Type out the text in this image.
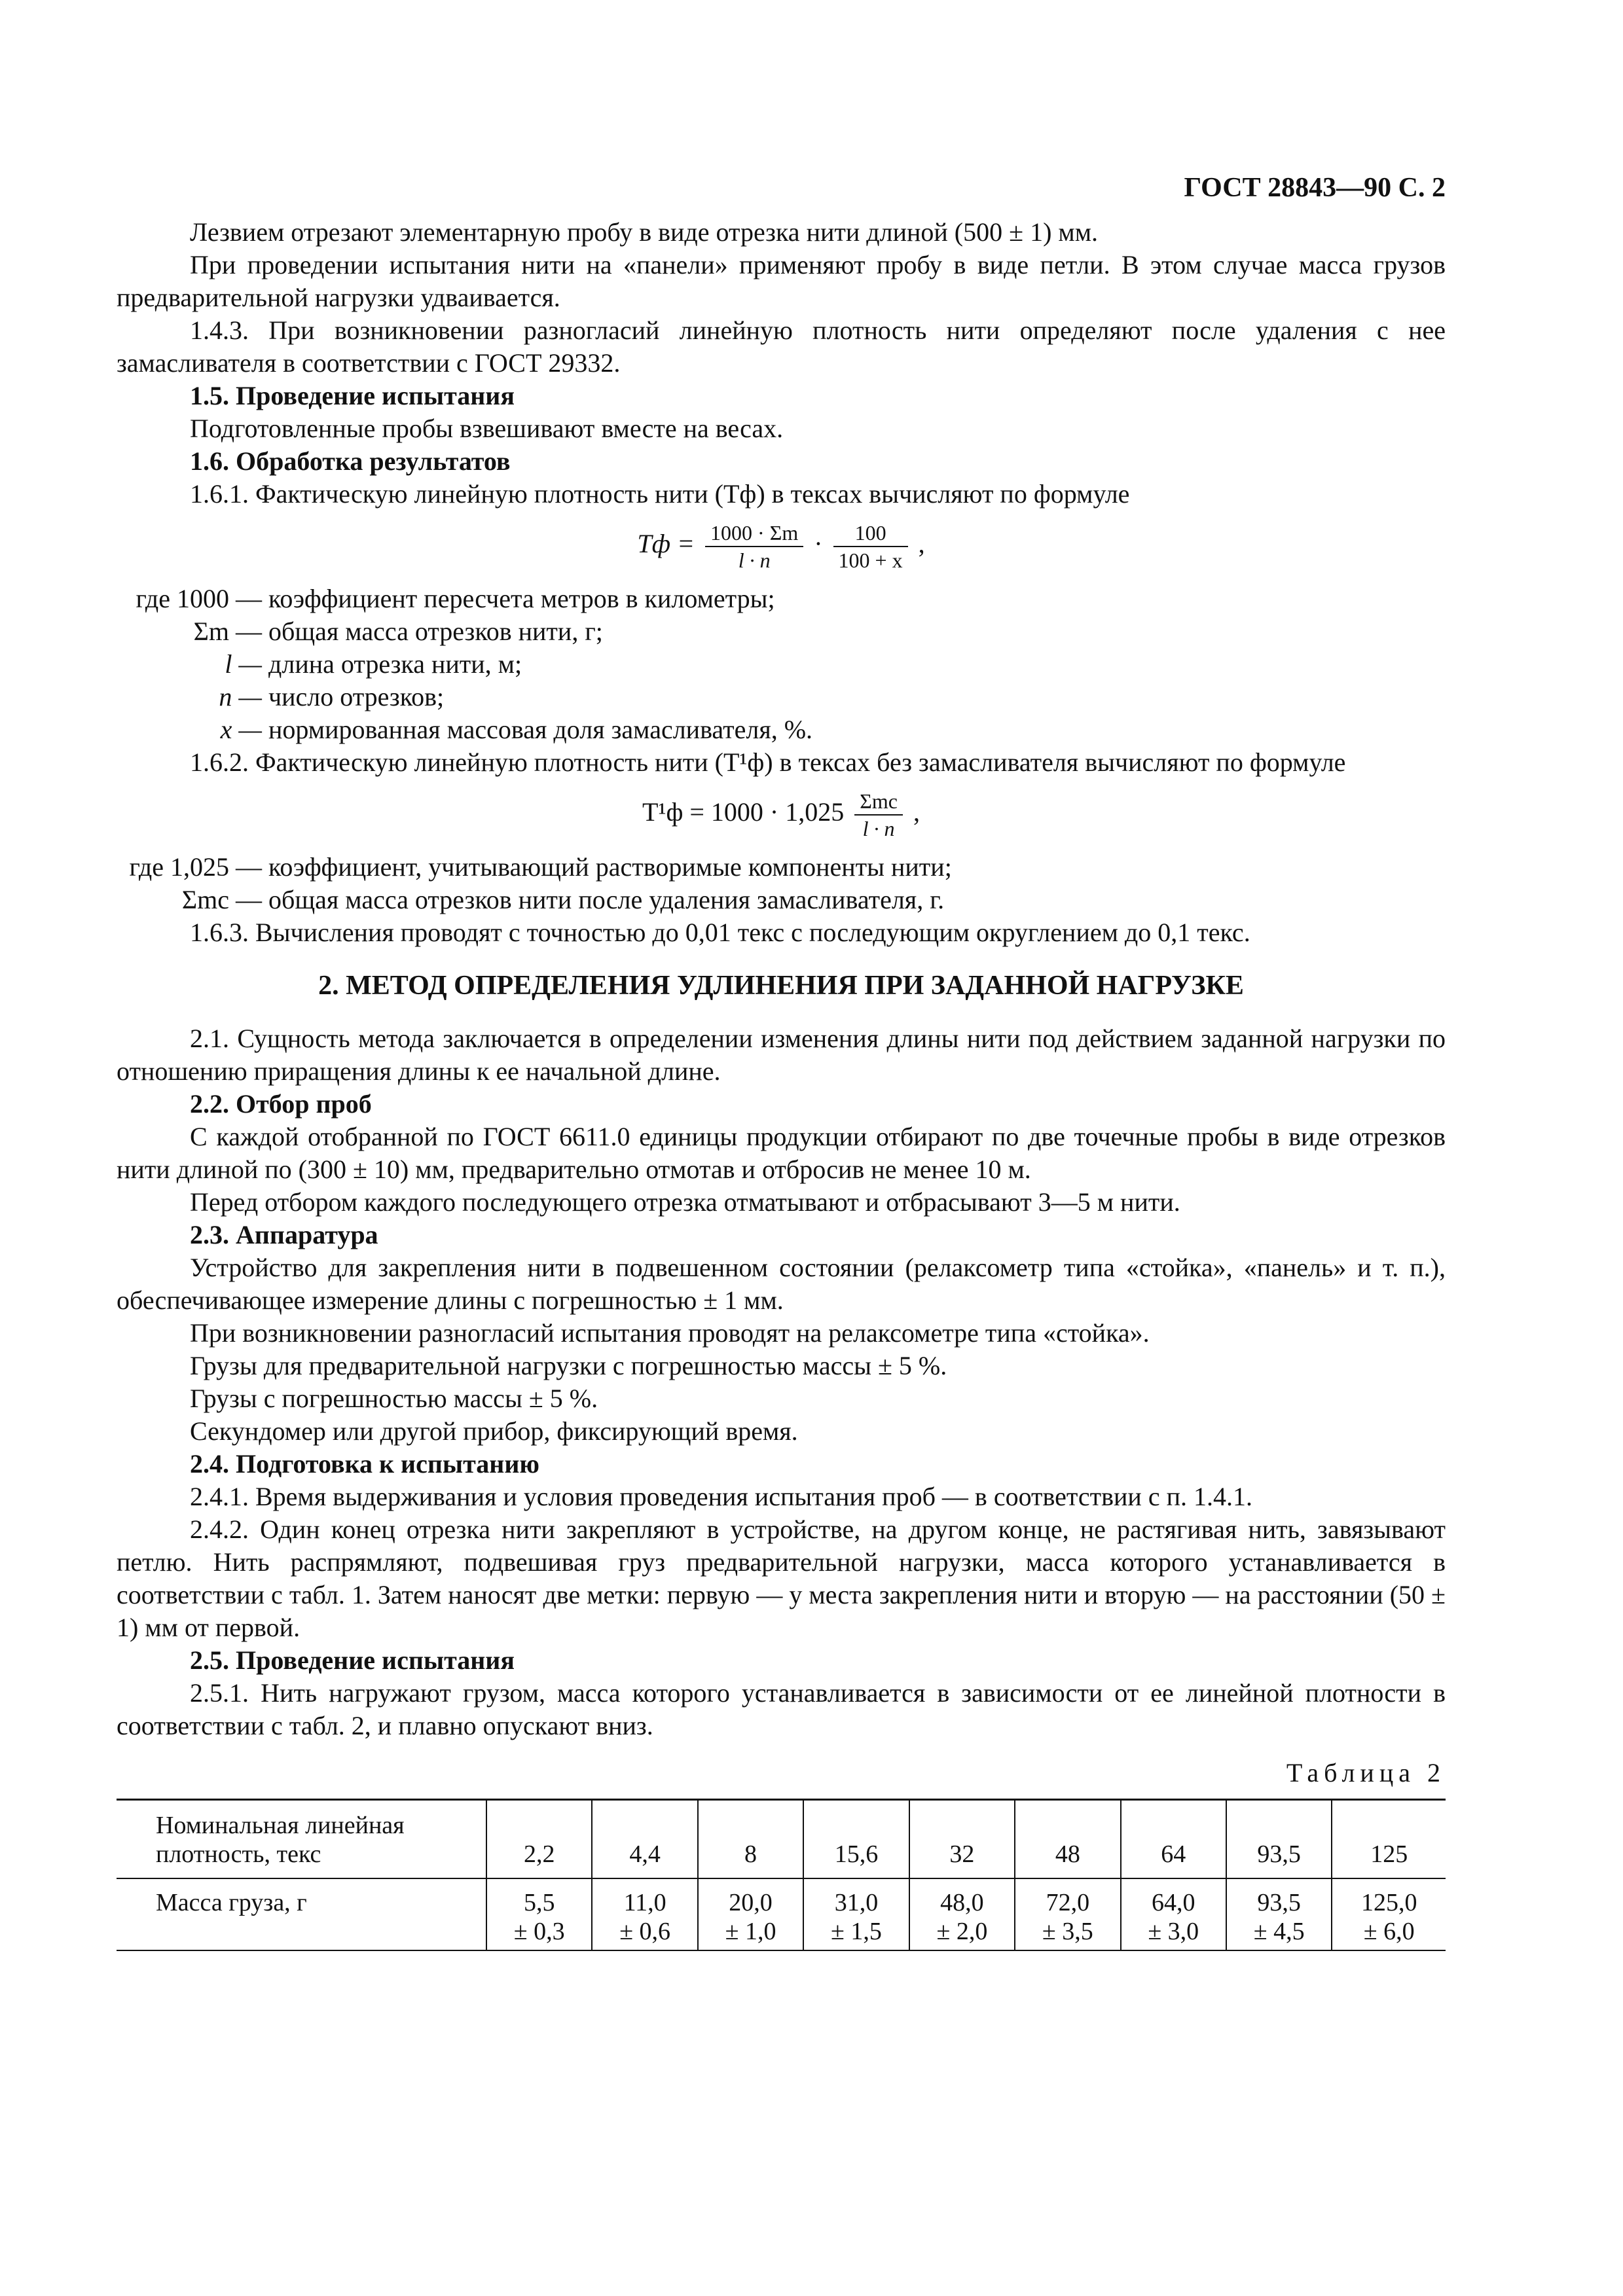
ГОСТ 28843—90 С. 2

Лезвием отрезают элементарную пробу в виде отрезка нити длиной (500 ± 1) мм.

При проведении испытания нити на «панели» применяют пробу в виде петли. В этом случае масса грузов предварительной нагрузки удваивается.

1.4.3. При возникновении разногласий линейную плотность нити определяют после удаления с нее замасливателя в соответствии с ГОСТ 29332.

1.5. Проведение испытания

Подготовленные пробы взвешивают вместе на весах.

1.6. Обработка результатов

1.6.1. Фактическую линейную плотность нити (Тф) в тексах вычисляют по формуле

Тф = $\frac{1000 \cdot \Sigma m}{l \cdot n} \cdot \frac{100}{100 + x}$ ,
где 1000 — коэффициент пересчета метров в километры;
Σm — общая масса отрезков нити, г;
l — длина отрезка нити, м;
n — число отрезков;
x — нормированная массовая доля замасливателя, %.

1.6.2. Фактическую линейную плотность нити (T¹ф) в тексах без замасливателя вычисляют по формуле

$T^1ф = 1000 \cdot 1,025 \frac{\text{Σmc}}{l \cdot n}$ ,
где 1,025 — коэффициент, учитывающий растворимые компоненты нити;
Σmc — общая масса отрезков нити после удаления замасливателя, г.

1.6.3. Вычисления проводят с точностью до 0,01 текс с последующим округлением до 0,1 текс.

2. МЕТОД ОПРЕДЕЛЕНИЯ УДЛИНЕНИЯ ПРИ ЗАДАННОЙ НАГРУЗКЕ

2.1. Сущность метода заключается в определении изменения длины нити под действием заданной нагрузки по отношению приращения длины к ее начальной длине.

2.2. Отбор проб

С каждой отобранной по ГОСТ 6611.0 единицы продукции отбирают по две точечные пробы в виде отрезков нити длиной по (300 ± 10) мм, предварительно отмотав и отбросив не менее 10 м.

Перед отбором каждого последующего отрезка отматывают и отбрасывают 3—5 м нити.

2.3. Аппаратура

Устройство для закрепления нити в подвешенном состоянии (релаксометр типа «стойка», «панель» и т. п.), обеспечивающее измерение длины с погрешностью ± 1 мм.

При возникновении разногласий испытания проводят на релаксометре типа «стойка».

Грузы для предварительной нагрузки с погрешностью массы ± 5 %.

Грузы с погрешностью массы ± 5 %.

Секундомер или другой прибор, фиксирующий время.

2.4. Подготовка к испытанию

2.4.1. Время выдерживания и условия проведения испытания проб — в соответствии с п. 1.4.1.

2.4.2. Один конец отрезка нити закрепляют в устройстве, на другом конце, не растягивая нить, завязывают петлю. Нить распрямляют, подвешивая груз предварительной нагрузки, масса которого устанавливается в соответствии с табл. 1. Затем наносят две метки: первую — у места закрепления нити и вторую — на расстоянии (50 ± 1) мм от первой.

2.5. Проведение испытания

2.5.1. Нить нагружают грузом, масса которого устанавливается в зависимости от ее линейной плотности в соответствии с табл. 2, и плавно опускают вниз.

Таблица 2
Номинальная линейная плотность, текс	2,2	4,4	8	15,6	32	48	64	93,5	125
Масса груза, г	5,5
± 0,3	11,0
± 0,6	20,0
± 1,0	31,0
± 1,5	48,0
± 2,0	72,0
± 3,5	64,0
± 3,0	93,5
± 4,5	125,0
± 6,0
